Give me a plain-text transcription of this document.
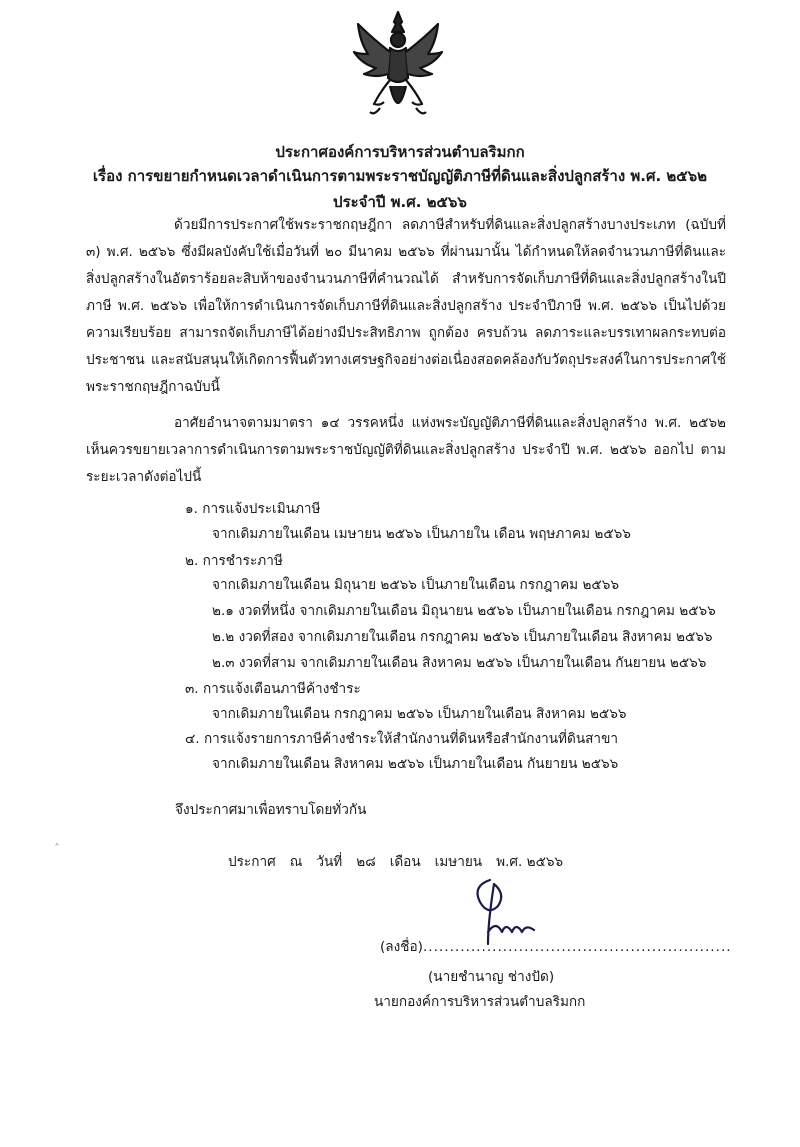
ประกาศองค์การบริหารส่วนตำบลริมกก
เรื่อง การขยายกำหนดเวลาดำเนินการตามพระราชบัญญัติภาษีที่ดินและสิ่งปลูกสร้าง พ.ศ. ๒๕๖๒
ประจำปี พ.ศ. ๒๕๖๖
ด้วยมีการประกาศใช้พระราชกฤษฎีกา ลดภาษีสำหรับที่ดินและสิ่งปลูกสร้างบางประเภท (ฉบับที่ ๓) พ.ศ. ๒๕๖๖ ซึ่งมีผลบังคับใช้เมื่อวันที่ ๒๐ มีนาคม ๒๕๖๖ ที่ผ่านมานั้น ได้กำหนดให้ลดจำนวนภาษีที่ดินและสิ่งปลูกสร้างในอัตราร้อยละสิบห้าของจำนวนภาษีที่คำนวณได้ สำหรับการจัดเก็บภาษีที่ดินและสิ่งปลูกสร้างในปีภาษี พ.ศ. ๒๕๖๖ เพื่อให้การดำเนินการจัดเก็บภาษีที่ดินและสิ่งปลูกสร้าง ประจำปีภาษี พ.ศ. ๒๕๖๖ เป็นไปด้วยความเรียบร้อย สามารถจัดเก็บภาษีได้อย่างมีประสิทธิภาพ ถูกต้อง ครบถ้วน ลดภาระและบรรเทาผลกระทบต่อประชาชน และสนับสนุนให้เกิดการฟื้นตัวทางเศรษฐกิจอย่างต่อเนื่องสอดคล้องกับวัตถุประสงค์ในการประกาศใช้พระราชกฤษฎีกาฉบับนี้
อาศัยอำนาจตามมาตรา ๑๔ วรรคหนึ่ง แห่งพระบัญญัติภาษีที่ดินและสิ่งปลูกสร้าง พ.ศ. ๒๕๖๒ เห็นควรขยายเวลาการดำเนินการตามพระราชบัญญัติที่ดินและสิ่งปลูกสร้าง ประจำปี พ.ศ. ๒๕๖๖ ออกไป ตามระยะเวลาดังต่อไปนี้
๑. การแจ้งประเมินภาษี
จากเดิมภายในเดือน เมษายน ๒๕๖๖ เป็นภายใน เดือน พฤษภาคม ๒๕๖๖
๒. การชำระภาษี
จากเดิมภายในเดือน มิถุนาย ๒๕๖๖ เป็นภายในเดือน กรกฎาคม ๒๕๖๖
๒.๑ งวดที่หนึ่ง จากเดิมภายในเดือน มิถุนายน ๒๕๖๖ เป็นภายในเดือน กรกฎาคม ๒๕๖๖
๒.๒ งวดที่สอง จากเดิมภายในเดือน กรกฎาคม ๒๕๖๖ เป็นภายในเดือน สิงหาคม ๒๕๖๖
๒.๓ งวดที่สาม จากเดิมภายในเดือน สิงหาคม ๒๕๖๖ เป็นภายในเดือน กันยายน ๒๕๖๖
๓. การแจ้งเตือนภาษีค้างชำระ
จากเดิมภายในเดือน กรกฎาคม ๒๕๖๖ เป็นภายในเดือน สิงหาคม ๒๕๖๖
๔. การแจ้งรายการภาษีค้างชำระให้สำนักงานที่ดินหรือสำนักงานที่ดินสาขา
จากเดิมภายในเดือน สิงหาคม ๒๕๖๖ เป็นภายในเดือน กันยายน ๒๕๖๖
จึงประกาศมาเพื่อทราบโดยทั่วกัน
ˆ
ประกาศ ณ วันที่ ๒๘ เดือน เมษายน พ.ศ. ๒๕๖๖
(ลงชื่อ)..........................................................
(นายชำนาญ ช่างปัด)
นายกองค์การบริหารส่วนตำบลริมกก
